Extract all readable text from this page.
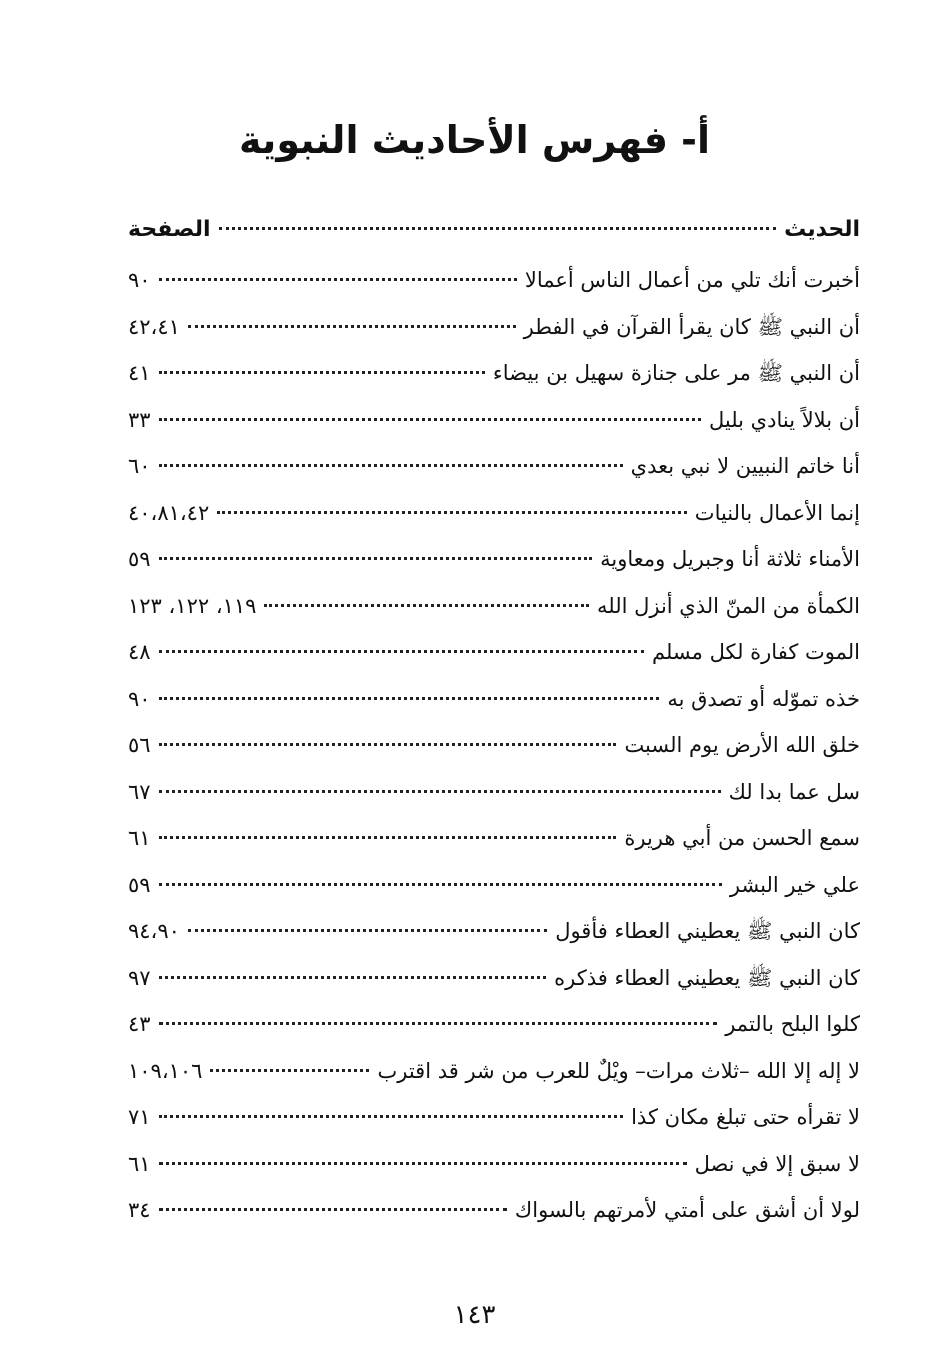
أ- فهرس الأحاديث النبوية
الحديث
الصفحة
أخبرت أنك تلي من أعمال الناس أعمالا
٩٠
أن النبي ﷺ كان يقرأ القرآن في الفطر
٤٢،٤١
أن النبي ﷺ مر على جنازة سهيل بن بيضاء
٤١
أن بلالاً ينادي بليل
٣٣
أنا خاتم النبيين لا نبي بعدي
٦٠
إنما الأعمال بالنيات
٤٠،٨١،٤٢
الأمناء ثلاثة أنا وجبريل ومعاوية
٥٩
الكمأة من المنّ الذي أنزل الله
١١٩، ١٢٢، ١٢٣
الموت كفارة لكل مسلم
٤٨
خذه تموّله أو تصدق به
٩٠
خلق الله الأرض يوم السبت
٥٦
سل عما بدا لك
٦٧
سمع الحسن من أبي هريرة
٦١
علي خير البشر
٥٩
كان النبي ﷺ يعطيني العطاء فأقول
٩٤،٩٠
كان النبي ﷺ يعطيني العطاء فذكره
٩٧
كلوا البلح بالتمر
٤٣
لا إله إلا الله –ثلاث مرات– ويْلٌ للعرب من شر قد اقترب
١٠٩،١٠٦
لا تقرأه حتى تبلغ مكان كذا
٧١
لا سبق إلا في نصل
٦١
لولا أن أشق على أمتي لأمرتهم بالسواك
٣٤
١٤٣
